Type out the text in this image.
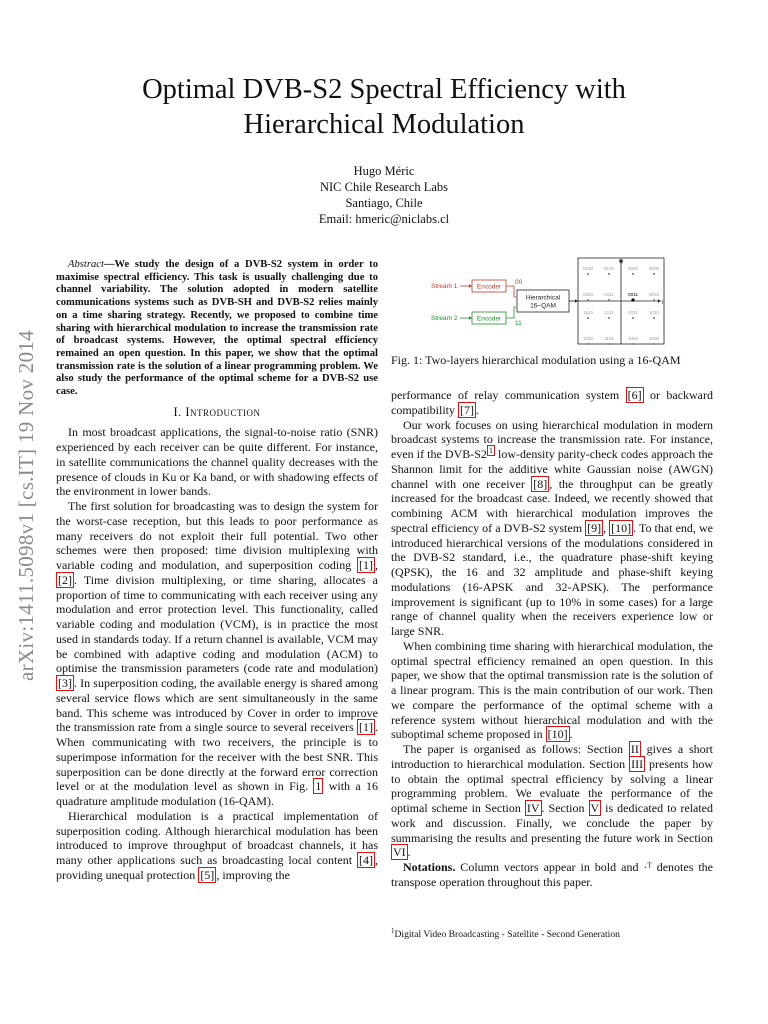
arXiv:1411.5098v1 [cs.IT] 19 Nov 2014
Optimal DVB-S2 Spectral Efficiency with
Hierarchical Modulation
Hugo Méric
NIC Chile Research Labs
Santiago, Chile
Email: hmeric@niclabs.cl

Abstract—We study the design of a DVB-S2 system in order to maximise spectral efficiency. This task is usually challenging due to channel variability. The solution adopted in modern satellite communications systems such as DVB-SH and DVB-S2 relies mainly on a time sharing strategy. Recently, we proposed to combine time sharing with hierarchical modulation to increase the transmission rate of broadcast systems. However, the optimal spectral efficiency remained an open question. In this paper, we show that the optimal transmission rate is the solution of a linear programming problem. We also study the performance of the optimal scheme for a DVB-S2 use case.

I. Introduction

In most broadcast applications, the signal-to-noise ratio (SNR) experienced by each receiver can be quite different. For instance, in satellite communications the channel quality decreases with the presence of clouds in Ku or Ka band, or with shadowing effects of the environment in lower bands.

The first solution for broadcasting was to design the system for the worst-case reception, but this leads to poor performance as many receivers do not exploit their full potential. Two other schemes were then proposed: time division multiplexing with variable coding and modulation, and superposition coding [1] , [2] . Time division multiplexing, or time sharing, allocates a proportion of time to communicating with each receiver using any modulation and error protection level. This functionality, called variable coding and modulation (VCM), is in practice the most used in standards today. If a return channel is available, VCM may be combined with adaptive coding and modulation (ACM) to optimise the transmission parameters (code rate and modulation) [3] . In superposition coding, the available energy is shared among several service flows which are sent simultaneously in the same band. This scheme was introduced by Cover in order to improve the transmission rate from a single source to several receivers [1] . When communicating with two receivers, the principle is to superimpose information for the receiver with the best SNR. This superposition can be done directly at the forward error correction level or at the modulation level as shown in Fig. 1 with a 16 quadrature amplitude modulation (16-QAM).

Hierarchical modulation is a practical implementation of superposition coding. Although hierarchical modulation has been introduced to improve throughput of broadcast channels, it has many other applications such as broadcasting local content [4] , providing unequal protection [5] , improving the

Stream 1	Encoder
00
Stream 2	Encoder
11
Hierarchical
16−QAM
Q
I
0100 0101	0001 0000
0110 0111	0011 0010
1110	1111	1011 1010
1100 1101	1001 1000
Fig. 1: Two-layers hierarchical modulation using a 16-QAM

performance of relay communication system [6] or backward compatibility [7] .

Our work focuses on using hierarchical modulation in modern broadcast systems to increase the transmission rate. For instance, even if the DVB-S2 $^1$ low-density parity-check codes approach the Shannon limit for the additive white Gaussian noise (AWGN) channel with one receiver [8] , the throughput can be greatly increased for the broadcast case. Indeed, we recently showed that combining ACM with hierarchical modulation improves the spectral efficiency of a DVB-S2 system [9] , [10] . To that end, we introduced hierarchical versions of the modulations considered in the DVB-S2 standard, i.e., the quadrature phase-shift keying (QPSK), the 16 and 32 amplitude and phase-shift keying modulations (16-APSK and 32-APSK). The performance improvement is significant (up to 10% in some cases) for a large range of channel quality when the receivers experience low or large SNR.

When combining time sharing with hierarchical modulation, the optimal spectral efficiency remained an open question. In this paper, we show that the optimal transmission rate is the solution of a linear program. This is the main contribution of our work. Then we compare the performance of the optimal scheme with a reference system without hierarchical modulation and with the suboptimal scheme proposed in [10] .

The paper is organised as follows: Section II gives a short introduction to hierarchical modulation. Section III presents how to obtain the optimal spectral efficiency by solving a linear programming problem. We evaluate the performance of the optimal scheme in Section IV . Section V is dedicated to related work and discussion. Finally, we conclude the paper by summarising the results and presenting the future work in Section VI .

Notations. Column vectors appear in bold and ·ᵀ denotes the transpose operation throughout this paper.

$^1$Digital Video Broadcasting - Satellite - Second Generation
